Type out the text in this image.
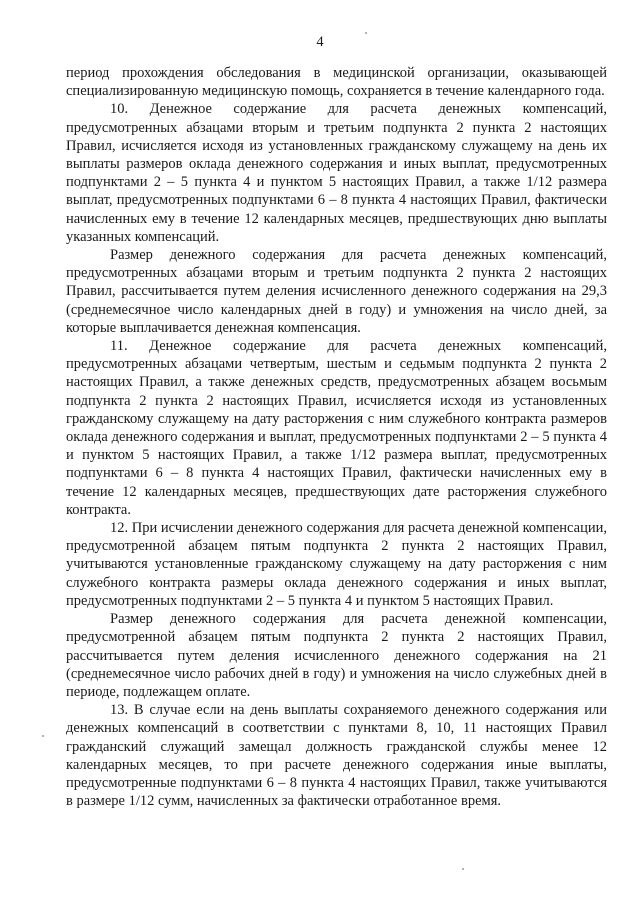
4

период прохождения обследования в медицинской организации, оказывающей специализированную медицинскую помощь, сохраняется в течение календарного года.

10. Денежное содержание для расчета денежных компенсаций, предусмотренных абзацами вторым и третьим подпункта 2 пункта 2 настоящих Правил, исчисляется исходя из установленных гражданскому служащему на день их выплаты размеров оклада денежного содержания и иных выплат, предусмотренных подпунктами 2 – 5 пункта 4 и пунктом 5 настоящих Правил, а также 1/12 размера выплат, предусмотренных подпунктами 6 – 8 пункта 4 настоящих Правил, фактически начисленных ему в течение 12 календарных месяцев, предшествующих дню выплаты указанных компенсаций.

Размер денежного содержания для расчета денежных компенсаций, предусмотренных абзацами вторым и третьим подпункта 2 пункта 2 настоящих Правил, рассчитывается путем деления исчисленного денежного содержания на 29,3 (среднемесячное число календарных дней в году) и умножения на число дней, за которые выплачивается денежная компенсация.

11. Денежное содержание для расчета денежных компенсаций, предусмотренных абзацами четвертым, шестым и седьмым подпункта 2 пункта 2 настоящих Правил, а также денежных средств, предусмотренных абзацем восьмым подпункта 2 пункта 2 настоящих Правил, исчисляется исходя из установленных гражданскому служащему на дату расторжения с ним служебного контракта размеров оклада денежного содержания и выплат, предусмотренных подпунктами 2 – 5 пункта 4 и пунктом 5 настоящих Правил, а также 1/12 размера выплат, предусмотренных подпунктами 6 – 8 пункта 4 настоящих Правил, фактически начисленных ему в течение 12 календарных месяцев, предшествующих дате расторжения служебного контракта.

12. При исчислении денежного содержания для расчета денежной компенсации, предусмотренной абзацем пятым подпункта 2 пункта 2 настоящих Правил, учитываются установленные гражданскому служащему на дату расторжения с ним служебного контракта размеры оклада денежного содержания и иных выплат, предусмотренных подпунктами 2 – 5 пункта 4 и пунктом 5 настоящих Правил.

Размер денежного содержания для расчета денежной компенсации, предусмотренной абзацем пятым подпункта 2 пункта 2 настоящих Правил, рассчитывается путем деления исчисленного денежного содержания на 21 (среднемесячное число рабочих дней в году) и умножения на число служебных дней в периоде, подлежащем оплате.

13. В случае если на день выплаты сохраняемого денежного содержания или денежных компенсаций в соответствии с пунктами 8, 10, 11 настоящих Правил гражданский служащий замещал должность гражданской службы менее 12 календарных месяцев, то при расчете денежного содержания иные выплаты, предусмотренные подпунктами 6 – 8 пункта 4 настоящих Правил, также учитываются в размере 1/12 сумм, начисленных за фактически отработанное время.
